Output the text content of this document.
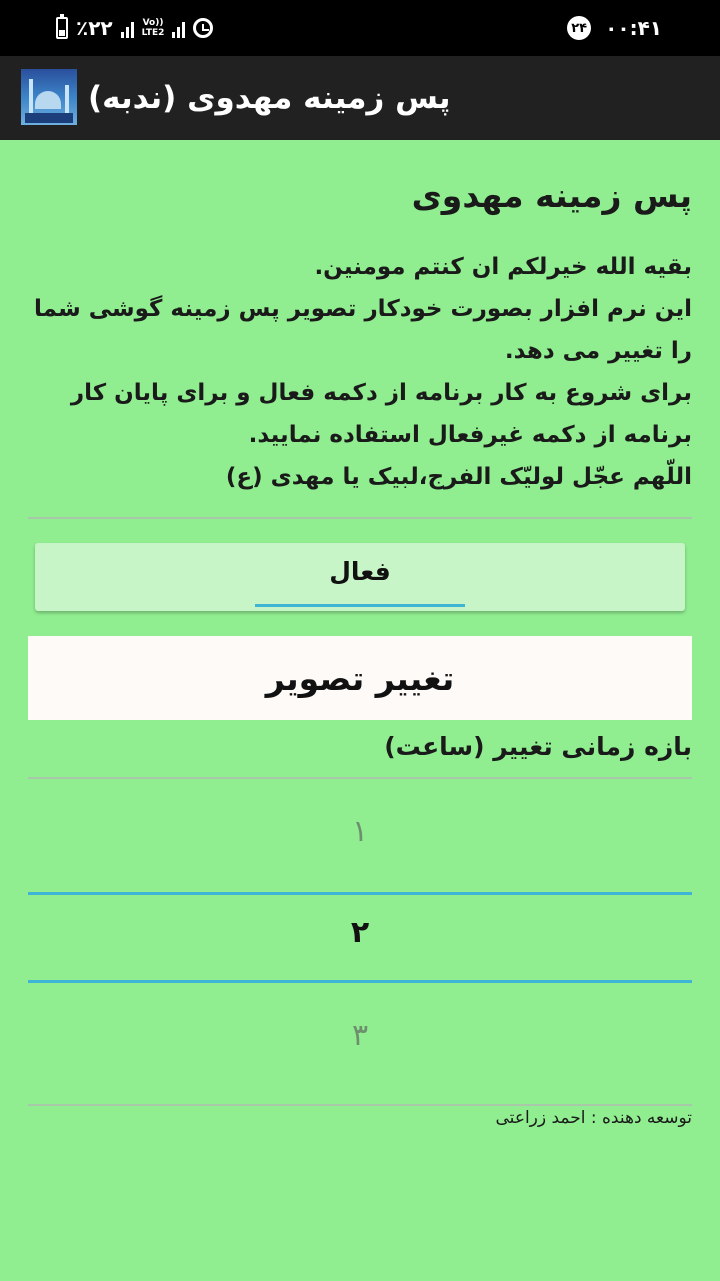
٪۲۲	Vo))
LTE2	۲۴ ۰۰:۴۱
پس زمینه مهدوی (ندبه)
پس زمینه مهدوی
بقیه الله خیرلکم ان کنتم مومنین.
این نرم افزار بصورت خودکار تصویر پس زمینه گوشی شما
را تغییر می دهد.
برای شروع به کار برنامه از دکمه فعال و برای پایان کار
برنامه از دکمه غیرفعال استفاده نمایید.
اللّهم عجّل لولیّک الفرج،لبیک یا مهدی (ع)
فعال
تغییر تصویر
بازه زمانی تغییر (ساعت)
۱
۲
۳
توسعه دهنده : احمد زراعتی
